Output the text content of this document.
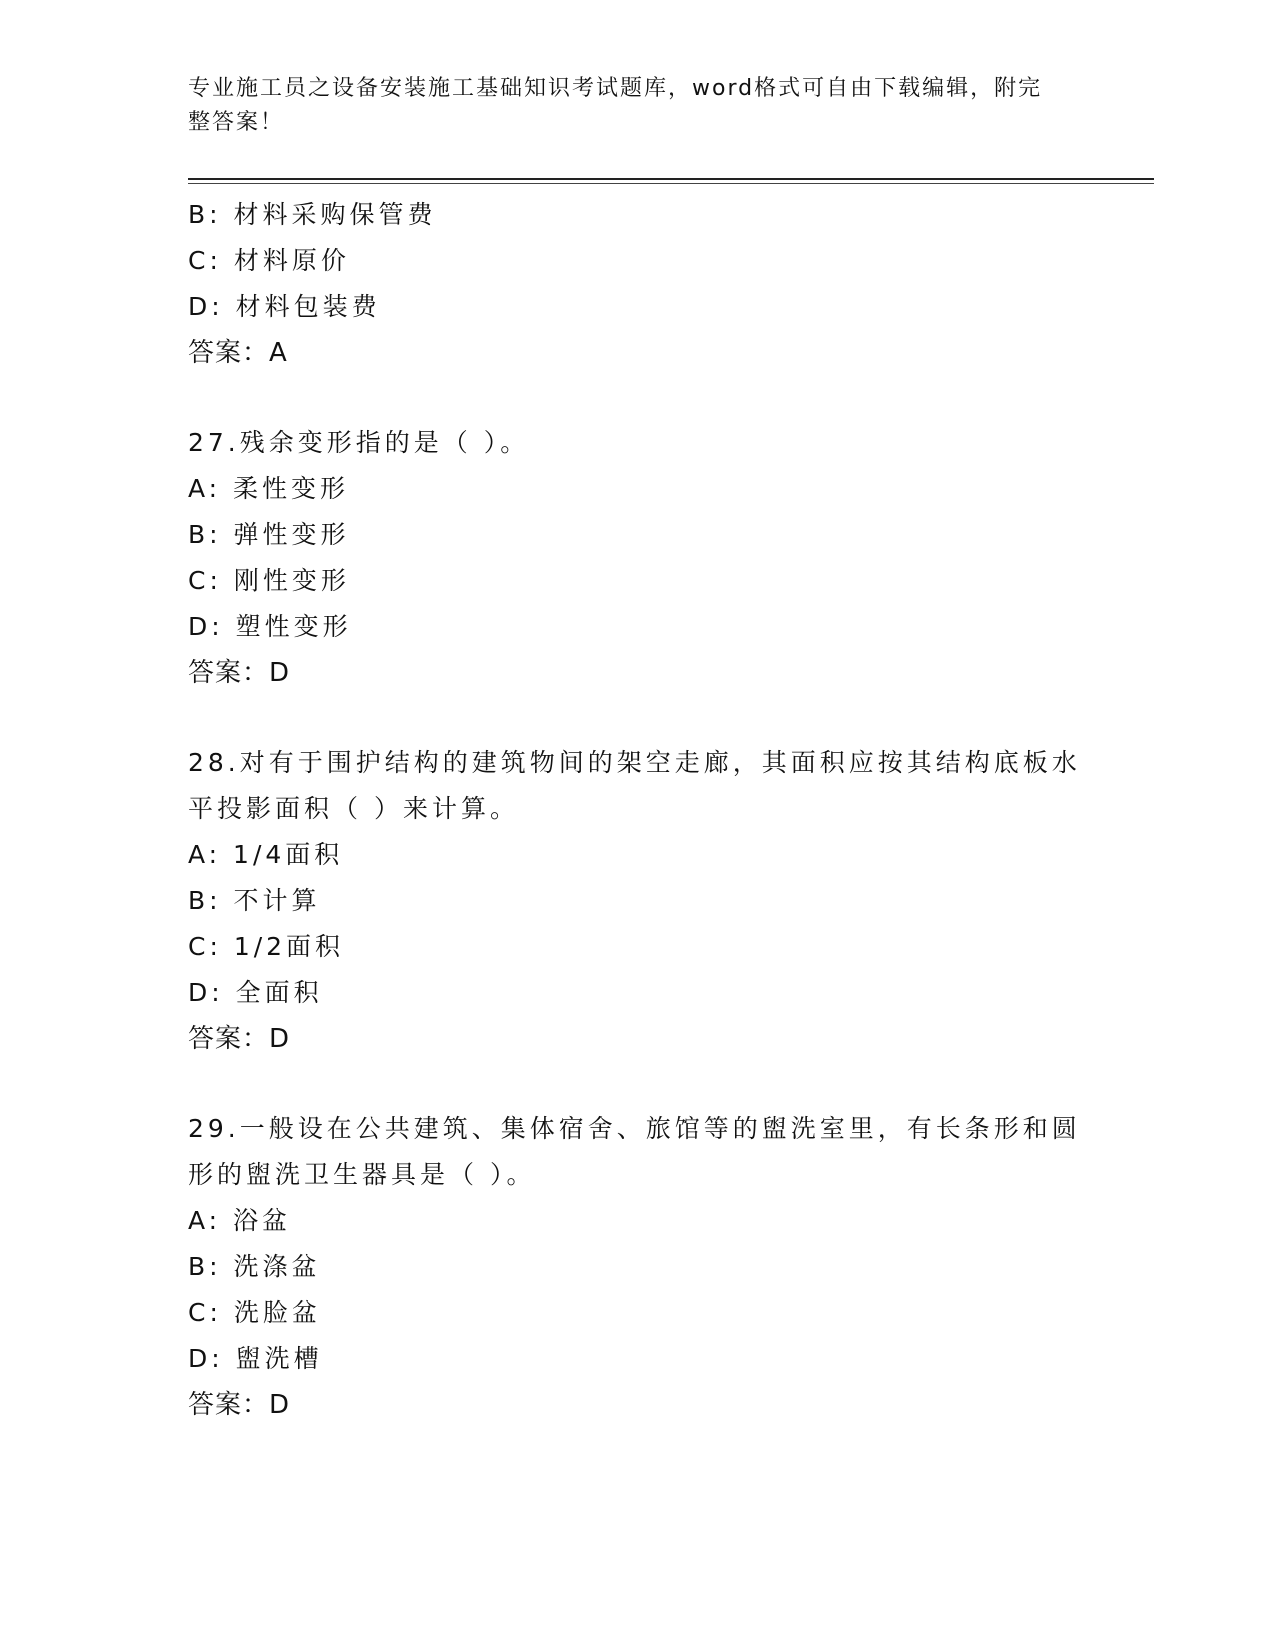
专业施工员之设备安装施工基础知识考试题库，word格式可自由下载编辑，附完
整答案！
B: 材料采购保管费
C: 材料原价
D: 材料包装费
答案：A
27.残余变形指的是（ ）。
A: 柔性变形
B: 弹性变形
C: 刚性变形
D: 塑性变形
答案：D
28.对有于围护结构的建筑物间的架空走廊，其面积应按其结构底板水
平投影面积（ ）来计算。
A: 1/4面积
B: 不计算
C: 1/2面积
D: 全面积
答案：D
29.一般设在公共建筑、集体宿舍、旅馆等的盥洗室里，有长条形和圆
形的盥洗卫生器具是（ ）。
A: 浴盆
B: 洗涤盆
C: 洗脸盆
D: 盥洗槽
答案：D
